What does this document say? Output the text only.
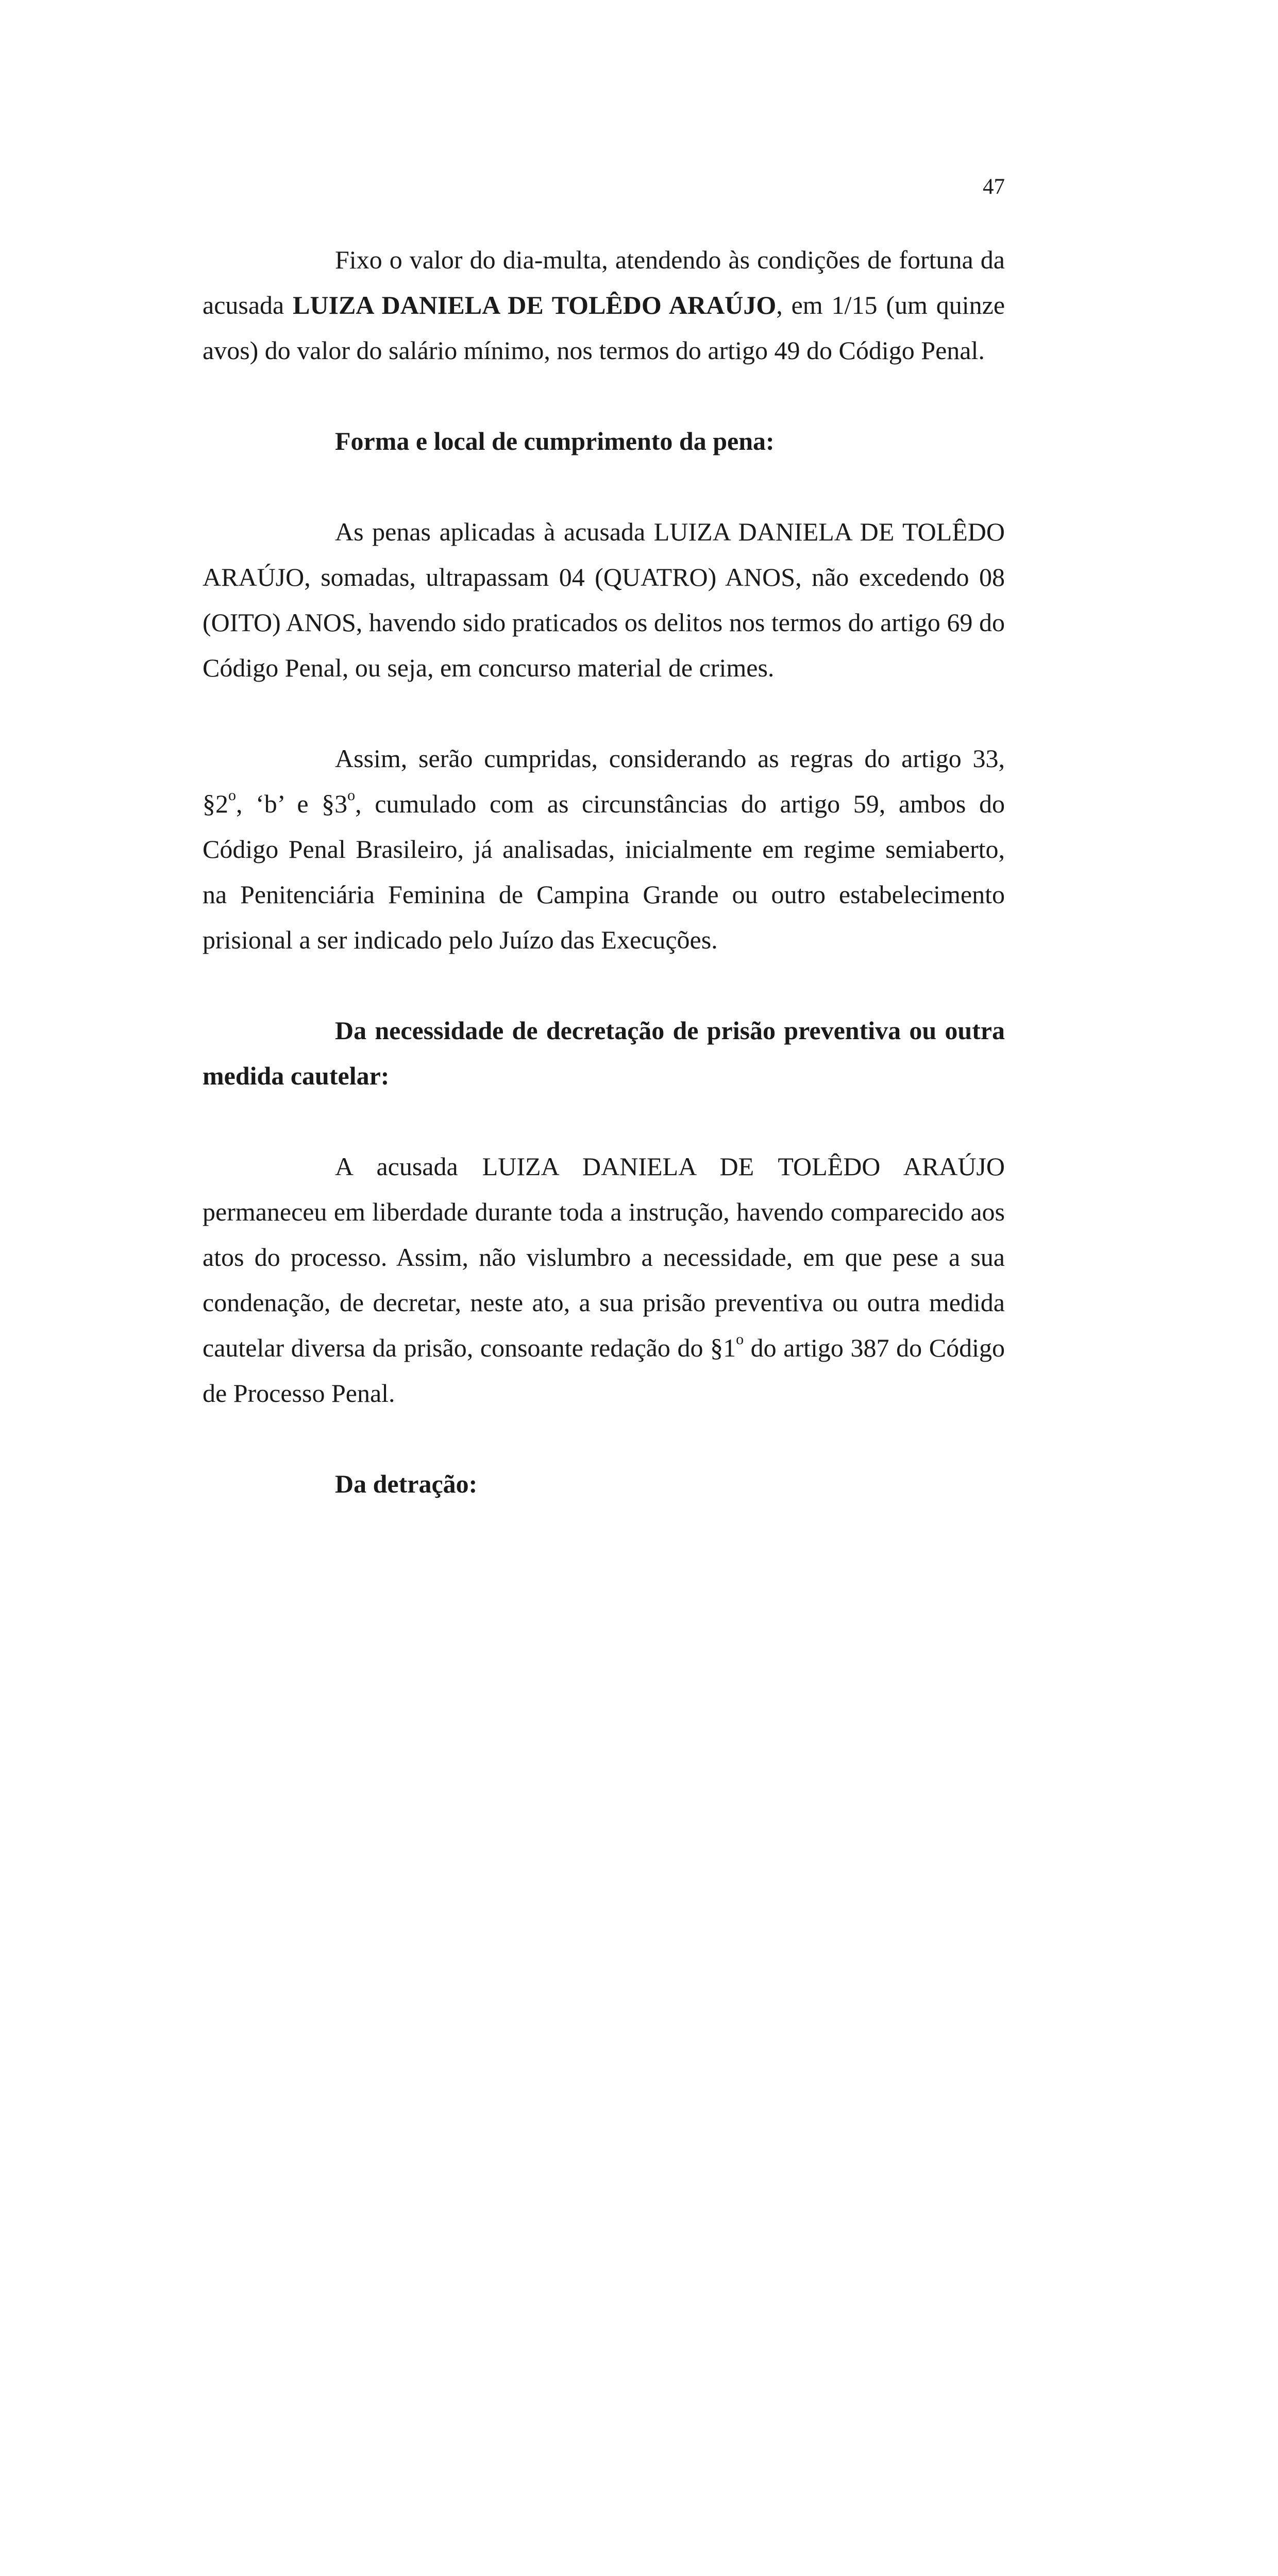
47

Fixo o valor do dia-multa, atendendo às condições de fortuna da acusada LUIZA DANIELA DE TOLÊDO ARAÚJO, em 1/15 (um quinze avos) do valor do salário mínimo, nos termos do artigo 49 do Código Penal.

Forma e local de cumprimento da pena:

As penas aplicadas à acusada LUIZA DANIELA DE TOLÊDO ARAÚJO, somadas, ultrapassam 04 (QUATRO) ANOS, não excedendo 08 (OITO) ANOS, havendo sido praticados os delitos nos termos do artigo 69 do Código Penal, ou seja, em concurso material de crimes.

Assim, serão cumpridas, considerando as regras do artigo 33, §2$^o$, ‘b’ e §3$^o$, cumulado com as circunstâncias do artigo 59, ambos do Código Penal Brasileiro, já analisadas, inicialmente em regime semiaberto, na Penitenciária Feminina de Campina Grande ou outro estabelecimento prisional a ser indicado pelo Juízo das Execuções.

Da necessidade de decretação de prisão preventiva ou outra medida cautelar:

A acusada LUIZA DANIELA DE TOLÊDO ARAÚJO permaneceu em liberdade durante toda a instrução, havendo comparecido aos atos do processo. Assim, não vislumbro a necessidade, em que pese a sua condenação, de decretar, neste ato, a sua prisão preventiva ou outra medida cautelar diversa da prisão, consoante redação do §1$^o$ do artigo 387 do Código de Processo Penal.

Da detração:
